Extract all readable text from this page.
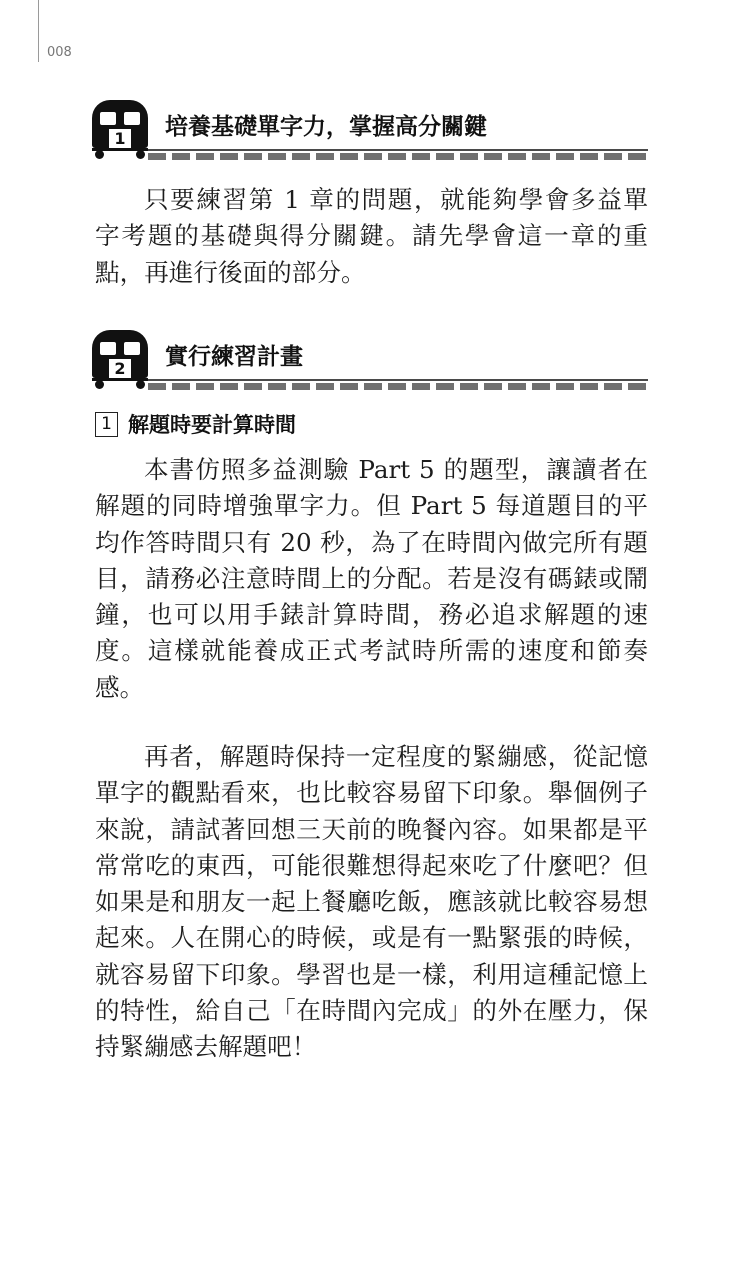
008
1 培養基礎單字力，掌握高分關鍵
只要練習第 1 章的問題，就能夠學會多益單
字考題的基礎與得分關鍵。請先學會這一章的重
點，再進行後面的部分。
2 實行練習計畫
1 解題時要計算時間
本書仿照多益測驗 Part 5 的題型，讓讀者在
解題的同時增強單字力。但 Part 5 每道題目的平
均作答時間只有 20 秒，為了在時間內做完所有題
目，請務必注意時間上的分配。若是沒有碼錶或鬧
鐘，也可以用手錶計算時間，務必追求解題的速
度。這樣就能養成正式考試時所需的速度和節奏
感。
再者，解題時保持一定程度的緊繃感，從記憶
單字的觀點看來，也比較容易留下印象。舉個例子
來說，請試著回想三天前的晚餐內容。如果都是平
常常吃的東西，可能很難想得起來吃了什麼吧？但
如果是和朋友一起上餐廳吃飯，應該就比較容易想
起來。人在開心的時候，或是有一點緊張的時候，
就容易留下印象。學習也是一樣，利用這種記憶上
的特性，給自己「在時間內完成」的外在壓力，保
持緊繃感去解題吧！
